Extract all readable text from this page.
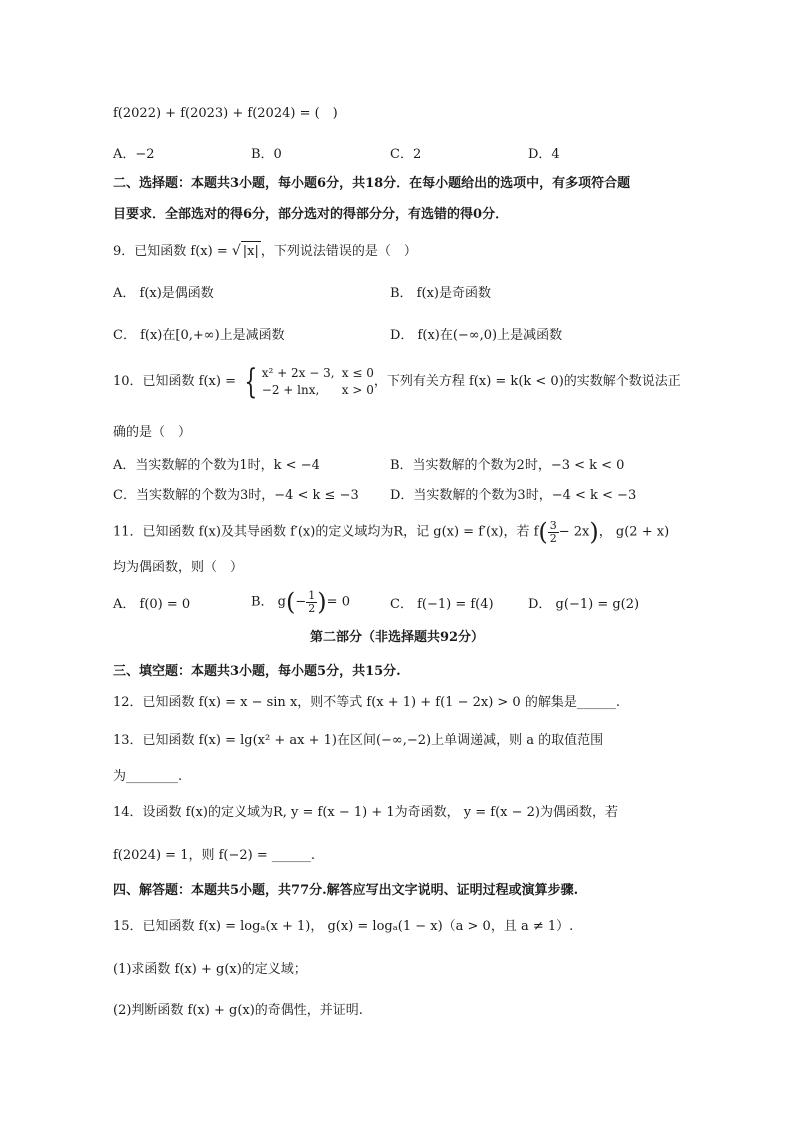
f(2022) + f(2023) + f(2024) = (　)
A．−2	B．0	C．2	D．4
二、选择题：本题共3小题，每小题6分，共18分．在每小题给出的选项中，有多项符合题
目要求．全部选对的得6分，部分选对的得部分分，有选错的得0分．
9．已知函数 f(x) = √ |x| ，下列说法错误的是（　）
A． f(x)是偶函数	B． f(x)是奇函数
C． f(x)在[0,+∞)上是减函数	D． f(x)在(−∞,0)上是减函数
10．已知函数 f(x) = { x² + 2x − 3, x ≤ 0
−2 + lnx, x > 0
，下列有关方程 f(x) = k(k < 0)的实数解个数说法正
确的是（　）
A．当实数解的个数为1时，k < −4	B．当实数解的个数为2时，−3 < k < 0
C．当实数解的个数为3时，−4 < k ≤ −3 D．当实数解的个数为3时，−4 < k < −3
11．已知函数 f(x)及其导函数 f′(x)的定义域均为R，记 g(x) = f′(x)，若 $f( \frac{3}{2} - 2x)$， g(2 + x)
均为偶函数，则（　）
A． f(0) = 0	B． $g(- \frac{1}{2}$ )= 0	C． f(−1) = f(4)	D． g(−1) = g(2)
第二部分（非选择题共92分）
三、填空题：本题共3小题，每小题5分，共15分.
12．已知函数 f(x) = x − sin x，则不等式 f(x + 1) + f(1 − 2x) > 0 的解集是______.
13．已知函数 f(x) = lg(x² + ax + 1)在区间(−∞,−2)上单调递减，则 a 的取值范围
为________.
14．设函数 f(x)的定义域为R, y = f(x − 1) + 1为奇函数， y = f(x − 2)为偶函数，若
f(2024) = 1，则 f(−2) = ______.
四、解答题：本题共5小题，共77分.解答应写出文字说明、证明过程或演算步骤.
15．已知函数 f(x) = logₐ(x + 1)， g(x) = logₐ(1 − x)（a > 0，且 a ≠ 1）.
(1)求函数 f(x) + g(x)的定义域；
(2)判断函数 f(x) + g(x)的奇偶性，并证明.
